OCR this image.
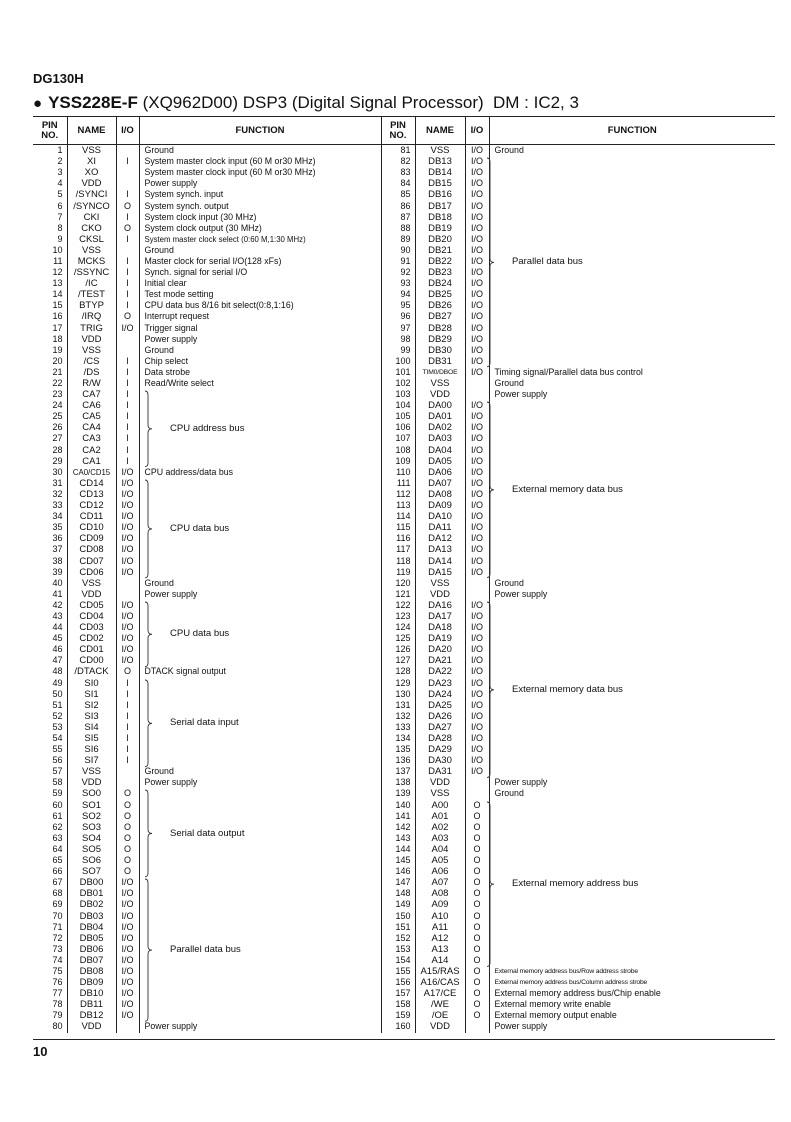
DG130H
● YSS228E-F (XQ962D00) DSP3 (Digital Signal Processor) DM : IC2, 3
PIN NO.	NAME	I/O	FUNCTION	PIN NO.	NAME	I/O	FUNCTION
1	VSS		Ground	81	VSS	I/O	Ground
2	XI	I	System master clock input (60 M or30 MHz)	82	DB13	I/O	
3	XO		System master clock input (60 M or30 MHz)	83	DB14	I/O	
4	VDD		Power supply	84	DB15	I/O	
5	/SYNCI	I	System synch. input	85	DB16	I/O	
6	/SYNCO	O	System synch. output	86	DB17	I/O	
7	CKI	I	System clock input (30 MHz)	87	DB18	I/O	
8	CKO	O	System clock output (30 MHz)	88	DB19	I/O	
9	CKSL	I	System master clock select (0:60 M,1:30 MHz)	89	DB20	I/O	
10	VSS		Ground	90	DB21	I/O	
11	MCKS	I	Master clock for serial I/O(128 xFs)	91	DB22	I/O	
12	/SSYNC	I	Synch. signal for serial I/O	92	DB23	I/O	
13	/IC	I	Initial clear	93	DB24	I/O	
14	/TEST	I	Test mode setting	94	DB25	I/O	
15	BTYP	I	CPU data bus 8/16 bit select(0:8,1:16)	95	DB26	I/O	
16	/IRQ	O	Interrupt request	96	DB27	I/O	
17	TRIG	I/O	Trigger signal	97	DB28	I/O	
18	VDD		Power supply	98	DB29	I/O	
19	VSS		Ground	99	DB30	I/O	
20	/CS	I	Chip select	100	DB31	I/O	
21	/DS	I	Data strobe	101	TIM0/DBOE	I/O	Timing signal/Parallel data bus control
22	R/W	I	Read/Write select	102	VSS		Ground
23	CA7	I		103	VDD		Power supply
24	CA6	I		104	DA00	I/O	
25	CA5	I		105	DA01	I/O	
26	CA4	I		106	DA02	I/O	
27	CA3	I		107	DA03	I/O	
28	CA2	I		108	DA04	I/O	
29	CA1	I		109	DA05	I/O	
30	CA0/CD15	I/O	CPU address/data bus	110	DA06	I/O	
31	CD14	I/O		111	DA07	I/O	
32	CD13	I/O		112	DA08	I/O	
33	CD12	I/O		113	DA09	I/O	
34	CD11	I/O		114	DA10	I/O	
35	CD10	I/O		115	DA11	I/O	
36	CD09	I/O		116	DA12	I/O	
37	CD08	I/O		117	DA13	I/O	
38	CD07	I/O		118	DA14	I/O	
39	CD06	I/O		119	DA15	I/O	
40	VSS		Ground	120	VSS		Ground
41	VDD		Power supply	121	VDD		Power supply
42	CD05	I/O		122	DA16	I/O	
43	CD04	I/O		123	DA17	I/O	
44	CD03	I/O		124	DA18	I/O	
45	CD02	I/O		125	DA19	I/O	
46	CD01	I/O		126	DA20	I/O	
47	CD00	I/O		127	DA21	I/O	
48	/DTACK	O	DTACK signal output	128	DA22	I/O	
49	SI0	I		129	DA23	I/O	
50	SI1	I		130	DA24	I/O	
51	SI2	I		131	DA25	I/O	
52	SI3	I		132	DA26	I/O	
53	SI4	I		133	DA27	I/O	
54	SI5	I		134	DA28	I/O	
55	SI6	I		135	DA29	I/O	
56	SI7	I		136	DA30	I/O	
57	VSS		Ground	137	DA31	I/O	
58	VDD		Power supply	138	VDD		Power supply
59	SO0	O		139	VSS		Ground
60	SO1	O		140	A00	O	
61	SO2	O		141	A01	O	
62	SO3	O		142	A02	O	
63	SO4	O		143	A03	O	
64	SO5	O		144	A04	O	
65	SO6	O		145	A05	O	
66	SO7	O		146	A06	O	
67	DB00	I/O		147	A07	O	
68	DB01	I/O		148	A08	O	
69	DB02	I/O		149	A09	O	
70	DB03	I/O		150	A10	O	
71	DB04	I/O		151	A11	O	
72	DB05	I/O		152	A12	O	
73	DB06	I/O		153	A13	O	
74	DB07	I/O		154	A14	O	
75	DB08	I/O		155	A15/RAS	O	External memory address bus/Row address strobe
76	DB09	I/O		156	A16/CAS	O	External memory address bus/Column address strobe
77	DB10	I/O		157	A17/CE	O	External memory address bus/Chip enable
78	DB11	I/O		158	/WE	O	External memory write enable
79	DB12	I/O		159	/OE	O	External memory output enable
80	VDD		Power supply	160	VDD		Power supply
CPU address bus
CPU data bus
CPU data bus
Serial data input
Serial data output
Parallel data bus
Parallel data bus
External memory data bus
External memory data bus
External memory address bus
10
